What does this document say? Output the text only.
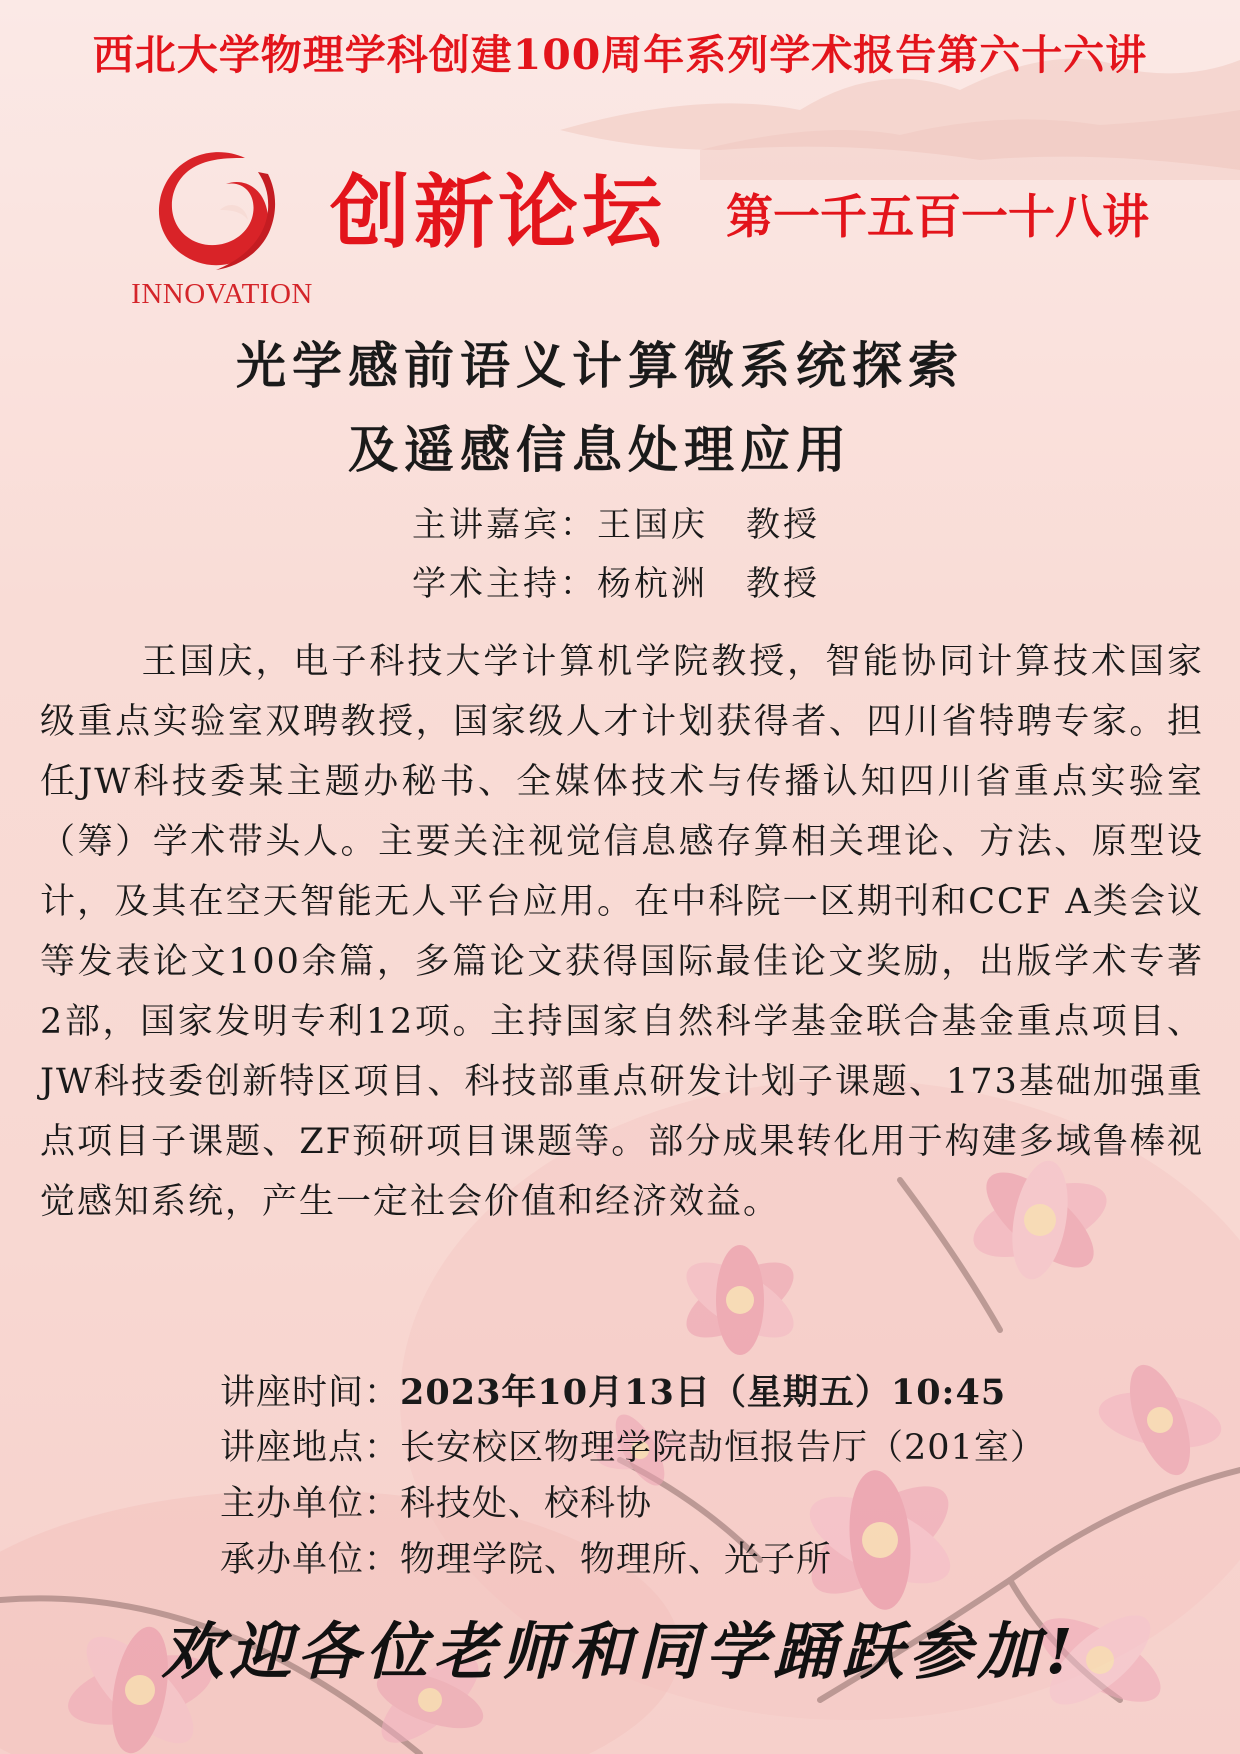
西北大学物理学科创建100周年系列学术报告第六十六讲
INNOVATION
创新论坛 第一千五百一十八讲
光学感前语义计算微系统探索
及遥感信息处理应用
主讲嘉宾：王国庆 教授
学术主持：杨杭洲 教授

王国庆，电子科技大学计算机学院教授，智能协同计算技术国家级重点实验室双聘教授，国家级人才计划获得者、四川省特聘专家。担任JW科技委某主题办秘书、全媒体技术与传播认知四川省重点实验室（筹）学术带头人。主要关注视觉信息感存算相关理论、方法、原型设计，及其在空天智能无人平台应用。在中科院一区期刊和CCF A类会议等发表论文100余篇，多篇论文获得国际最佳论文奖励，出版学术专著2部，国家发明专利12项。主持国家自然科学基金联合基金重点项目、JW科技委创新特区项目、科技部重点研发计划子课题、173基础加强重点项目子课题、ZF预研项目课题等。部分成果转化用于构建多域鲁棒视觉感知系统，产生一定社会价值和经济效益。

讲座时间：2023年10月13日（星期五）10:45
讲座地点：长安校区物理学院劼恒报告厅（201室）
主办单位：科技处、校科协
承办单位：物理学院、物理所、光子所
欢迎各位老师和同学踊跃参加!
